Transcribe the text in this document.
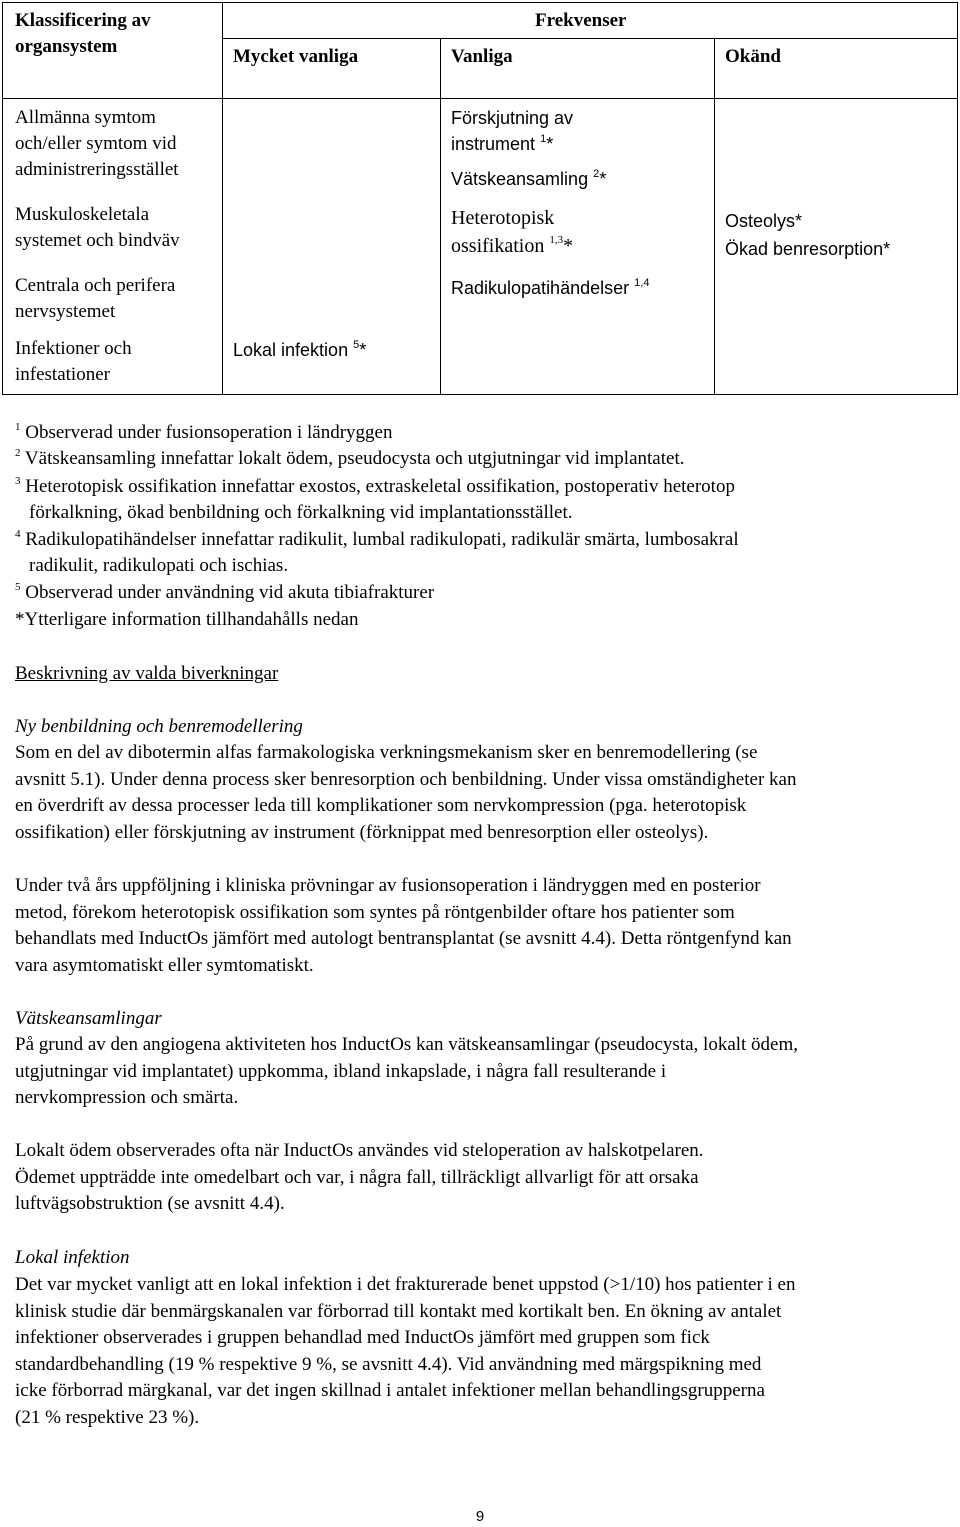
Klassificering av
organsystem
Frekvenser
Mycket vanliga	Vanliga	Okänd
Allmänna symtom
och/eller symtom vid
administreringsstället
Förskjutning av
instrument $^1$*
Vätskeansamling $^2$*
Muskuloskeletala
systemet och bindväv
Heterotopisk
ossifikation $^{1,3}$*
Osteolys*
Ökad benresorption*
Centrala och perifera
nervsystemet
Radikulopatihändelser $^{1,4}$
Infektioner och
infestationer
Lokal infektion $^5$*
$^1$ Observerad under fusionsoperation i ländryggen
$^2$ Vätskeansamling innefattar lokalt ödem, pseudocysta och utgjutningar vid implantatet.
$^3$ Heterotopisk ossifikation innefattar exostos, extraskeletal ossifikation, postoperativ heterotop
förkalkning, ökad benbildning och förkalkning vid implantationsstället.
$^4$ Radikulopatihändelser innefattar radikulit, lumbal radikulopati, radikulär smärta, lumbosakral
radikulit, radikulopati och ischias.
$^5$ Observerad under användning vid akuta tibiafrakturer
*Ytterligare information tillhandahålls nedan
Beskrivning av valda biverkningar
Ny benbildning och benremodellering
Som en del av dibotermin alfas farmakologiska verkningsmekanism sker en benremodellering (se
avsnitt 5.1). Under denna process sker benresorption och benbildning. Under vissa omständigheter kan
en överdrift av dessa processer leda till komplikationer som nervkompression (pga. heterotopisk
ossifikation) eller förskjutning av instrument (förknippat med benresorption eller osteolys).
Under två års uppföljning i kliniska prövningar av fusionsoperation i ländryggen med en posterior
metod, förekom heterotopisk ossifikation som syntes på röntgenbilder oftare hos patienter som
behandlats med InductOs jämfört med autologt bentransplantat (se avsnitt 4.4). Detta röntgenfynd kan
vara asymtomatiskt eller symtomatiskt.
Vätskeansamlingar
På grund av den angiogena aktiviteten hos InductOs kan vätskeansamlingar (pseudocysta, lokalt ödem,
utgjutningar vid implantatet) uppkomma, ibland inkapslade, i några fall resulterande i
nervkompression och smärta.
Lokalt ödem observerades ofta när InductOs användes vid steloperation av halskotpelaren.
Ödemet uppträdde inte omedelbart och var, i några fall, tillräckligt allvarligt för att orsaka
luftvägsobstruktion (se avsnitt 4.4).
Lokal infektion
Det var mycket vanligt att en lokal infektion i det frakturerade benet uppstod (>1/10) hos patienter i en
klinisk studie där benmärgskanalen var förborrad till kontakt med kortikalt ben. En ökning av antalet
infektioner observerades i gruppen behandlad med InductOs jämfört med gruppen som fick
standardbehandling (19 % respektive 9 %, se avsnitt 4.4). Vid användning med märgspikning med
icke förborrad märgkanal, var det ingen skillnad i antalet infektioner mellan behandlingsgrupperna
(21 % respektive 23 %).
9
